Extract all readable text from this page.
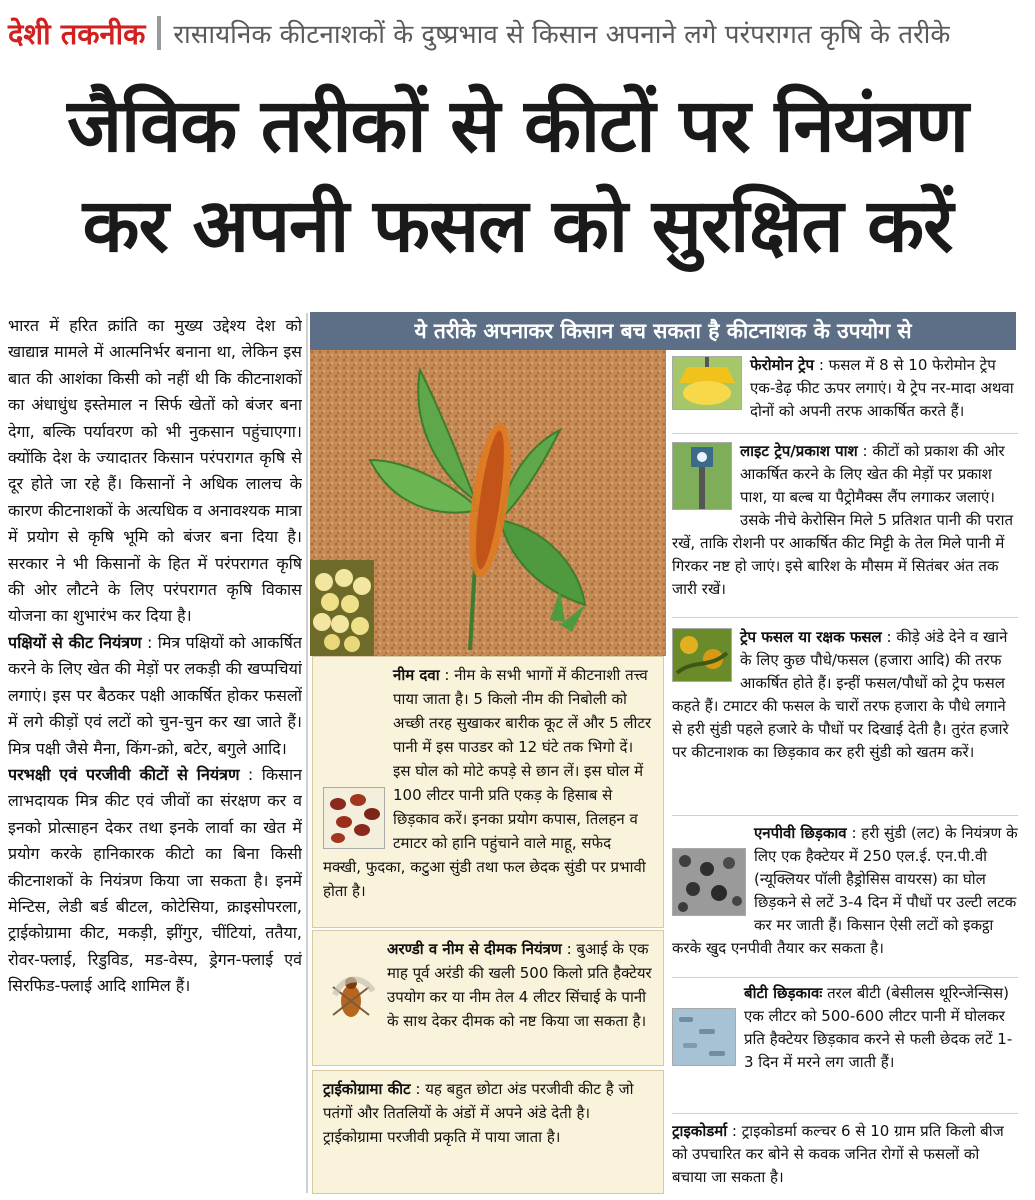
देशी तकनीक रासायनिक कीटनाशकों के दुष्प्रभाव से किसान अपनाने लगे परंपरागत कृषि के तरीके
जैविक तरीकों से कीटों पर नियंत्रण
कर अपनी फसल को सुरक्षित करें

भारत में हरित क्रांति का मुख्य उद्देश्य देश को खाद्यान्न मामले में आत्मनिर्भर बनाना था, लेकिन इस बात की आशंका किसी को नहीं थी कि कीटनाशकों का अंधाधुंध इस्तेमाल न सिर्फ खेतों को बंजर बना देगा, बल्कि पर्यावरण को भी नुकसान पहुंचाएगा। क्योंकि देश के ज्यादातर किसान परंपरागत कृषि से दूर होते जा रहे हैं। किसानों ने अधिक लालच के कारण कीटनाशकों के अत्यधिक व अनावश्यक मात्रा में प्रयोग से कृषि भूमि को बंजर बना दिया है। सरकार ने भी किसानों के हित में परंपरागत कृषि की ओर लौटने के लिए परंपरागत कृषि विकास योजना का शुभारंभ कर दिया है।

पक्षियों से कीट नियंत्रण : मित्र पक्षियों को आकर्षित करने के लिए खेत की मेड़ों पर लकड़ी की खप्पचियां लगाएं। इस पर बैठकर पक्षी आकर्षित होकर फसलों में लगे कीड़ों एवं लटों को चुन-चुन कर खा जाते हैं। मित्र पक्षी जैसे मैना, किंग-क्रो, बटेर, बगुले आदि।

परभक्षी एवं परजीवी कीटों से नियंत्रण : किसान लाभदायक मित्र कीट एवं जीवों का संरक्षण कर व इनको प्रोत्साहन देकर तथा इनके लार्वा का खेत में प्रयोग करके हानिकारक कीटो का बिना किसी कीटनाशकों के नियंत्रण किया जा सकता है। इनमें मेन्टिस, लेडी बर्ड बीटल, कोटेसिया, क्राइसोपरला, ट्राईकोग्रामा कीट, मकड़ी, झींगुर, चींटियां, ततैया, रोवर-फ्लाई, रिडुविड, मड-वेस्प, ड्रेगन-फ्लाई एवं सिरफिड-फ्लाई आदि शामिल हैं।

ये तरीके अपनाकर किसान बच सकता है कीटनाशक के उपयोग से
नीम दवा : नीम के सभी भागों में कीटनाशी तत्त्व पाया जाता है। 5 किलो नीम की निबोली को अच्छी तरह सुखाकर बारीक कूट लें और 5 लीटर पानी में इस पाउडर को 12 घंटे तक भिगो दें। इस घोल को मोटे कपड़े से छान लें। इस घोल में 100 लीटर पानी प्रति एकड़ के हिसाब से छिड़काव करें। इनका प्रयोग कपास, तिलहन व टमाटर को हानि पहुंचाने वाले माहू, सफेद मक्खी, फुदका, कटुआ सुंडी तथा फल छेदक सुंडी पर प्रभावी होता है।
अरण्डी व नीम से दीमक नियंत्रण : बुआई के एक माह पूर्व अरंडी की खली 500 किलो प्रति हैक्टेयर उपयोग कर या नीम तेल 4 लीटर सिंचाई के पानी के साथ देकर दीमक को नष्ट किया जा सकता है।
ट्राईकोग्रामा कीट : यह बहुत छोटा अंड परजीवी कीट है जो पतंगों और तितलियों के अंडों में अपने अंडे देती है। ट्राईकोग्रामा परजीवी प्रकृति में पाया जाता है।
फेरोमोन ट्रेप : फसल में 8 से 10 फेरोमोन ट्रेप एक-डेढ़ फीट ऊपर लगाएं। ये ट्रेप नर-मादा अथवा दोनों को अपनी तरफ आकर्षित करते हैं।
लाइट ट्रेप/प्रकाश पाश : कीटों को प्रकाश की ओर आकर्षित करने के लिए खेत की मेड़ों पर प्रकाश पाश, या बल्ब या पैट्रोमैक्स लैंप लगाकर जलाएं। उसके नीचे केरोसिन मिले 5 प्रतिशत पानी की परात रखें, ताकि रोशनी पर आकर्षित कीट मिट्टी के तेल मिले पानी में गिरकर नष्ट हो जाएं। इसे बारिश के मौसम में सितंबर अंत तक जारी रखें।
ट्रेप फसल या रक्षक फसल : कीड़े अंडे देने व खाने के लिए कुछ पौधे/फसल (हजारा आदि) की तरफ आकर्षित होते हैं। इन्हीं फसल/पौधों को ट्रेप फसल कहते हैं। टमाटर की फसल के चारों तरफ हजारा के पौधे लगाने से हरी सुंडी पहले हजारे के पौधों पर दिखाई देती है। तुरंत हजारे पर कीटनाशक का छिड़काव कर हरी सुंडी को खतम करें।
एनपीवी छिड़काव : हरी सुंडी (लट) के नियंत्रण के लिए एक हैक्टेयर में 250 एल.ई. एन.पी.वी (न्यूक्लियर पॉली हैड्रोसिस वायरस) का घोल छिड़कने से लटें 3-4 दिन में पौधों पर उल्टी लटक कर मर जाती हैं। किसान ऐसी लटों को इकट्ठा करके खुद एनपीवी तैयार कर सकता है।
बीटी छिड़कावः तरल बीटी (बेसीलस थूरिन्जेन्सिस) एक लीटर को 500-600 लीटर पानी में घोलकर प्रति हैक्टेयर छिड़काव करने से फली छेदक लटें 1-3 दिन में मरने लग जाती हैं।
ट्राइकोडर्मा : ट्राइकोडर्मा कल्चर 6 से 10 ग्राम प्रति किलो बीज को उपचारित कर बोने से कवक जनित रोगों से फसलों को बचाया जा सकता है।
